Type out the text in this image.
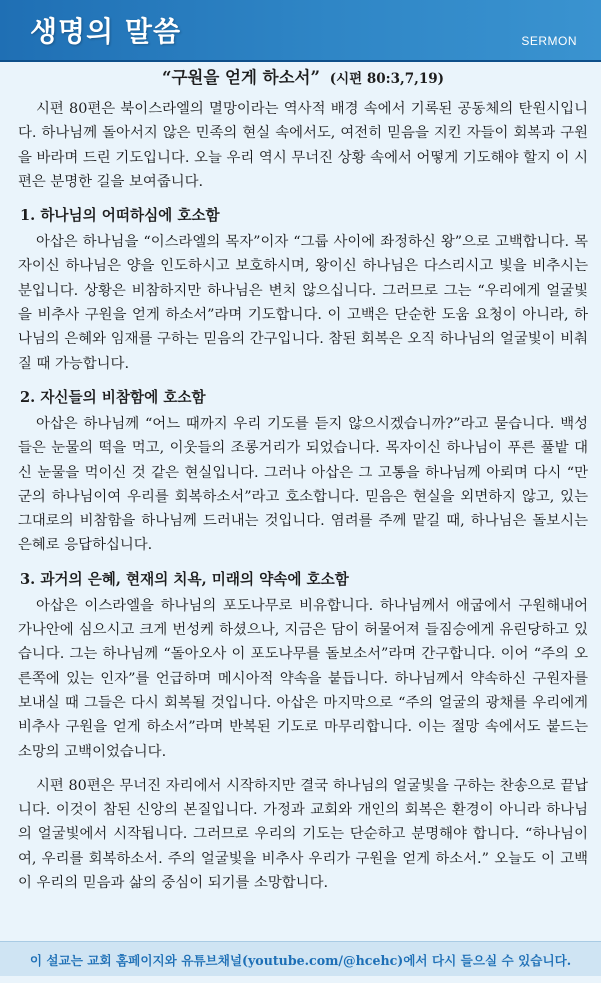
생명의 말씀	SERMON
“구원을 얻게 하소서” (시편 80:3,7,19)

시편 80편은 북이스라엘의 멸망이라는 역사적 배경 속에서 기록된 공동체의 탄원시입니다. 하나님께 돌아서지 않은 민족의 현실 속에서도, 여전히 믿음을 지킨 자들이 회복과 구원을 바라며 드린 기도입니다. 오늘 우리 역시 무너진 상황 속에서 어떻게 기도해야 할지 이 시편은 분명한 길을 보여줍니다.

1. 하나님의 어떠하심에 호소함

아삽은 하나님을 “이스라엘의 목자”이자 “그룹 사이에 좌정하신 왕”으로 고백합니다. 목자이신 하나님은 양을 인도하시고 보호하시며, 왕이신 하나님은 다스리시고 빛을 비추시는 분입니다. 상황은 비참하지만 하나님은 변치 않으십니다. 그러므로 그는 “우리에게 얼굴빛을 비추사 구원을 얻게 하소서”라며 기도합니다. 이 고백은 단순한 도움 요청이 아니라, 하나님의 은혜와 임재를 구하는 믿음의 간구입니다. 참된 회복은 오직 하나님의 얼굴빛이 비춰질 때 가능합니다.

2. 자신들의 비참함에 호소함

아삽은 하나님께 “어느 때까지 우리 기도를 듣지 않으시겠습니까?”라고 묻습니다. 백성들은 눈물의 떡을 먹고, 이웃들의 조롱거리가 되었습니다. 목자이신 하나님이 푸른 풀밭 대신 눈물을 먹이신 것 같은 현실입니다. 그러나 아삽은 그 고통을 하나님께 아뢰며 다시 “만군의 하나님이여 우리를 회복하소서”라고 호소합니다. 믿음은 현실을 외면하지 않고, 있는 그대로의 비참함을 하나님께 드러내는 것입니다. 염려를 주께 맡길 때, 하나님은 돌보시는 은혜로 응답하십니다.

3. 과거의 은혜, 현재의 치욕, 미래의 약속에 호소함

아삽은 이스라엘을 하나님의 포도나무로 비유합니다. 하나님께서 애굽에서 구원해내어 가나안에 심으시고 크게 번성케 하셨으나, 지금은 담이 허물어져 들짐승에게 유린당하고 있습니다. 그는 하나님께 “돌아오사 이 포도나무를 돌보소서”라며 간구합니다. 이어 “주의 오른쪽에 있는 인자”를 언급하며 메시아적 약속을 붙듭니다. 하나님께서 약속하신 구원자를 보내실 때 그들은 다시 회복될 것입니다. 아삽은 마지막으로 “주의 얼굴의 광채를 우리에게 비추사 구원을 얻게 하소서”라며 반복된 기도로 마무리합니다. 이는 절망 속에서도 붙드는 소망의 고백이었습니다.

시편 80편은 무너진 자리에서 시작하지만 결국 하나님의 얼굴빛을 구하는 찬송으로 끝납니다. 이것이 참된 신앙의 본질입니다. 가정과 교회와 개인의 회복은 환경이 아니라 하나님의 얼굴빛에서 시작됩니다. 그러므로 우리의 기도는 단순하고 분명해야 합니다. “하나님이여, 우리를 회복하소서. 주의 얼굴빛을 비추사 우리가 구원을 얻게 하소서.” 오늘도 이 고백이 우리의 믿음과 삶의 중심이 되기를 소망합니다.

이 설교는 교회 홈페이지와 유튜브채널(youtube.com/@hcehc)에서 다시 들으실 수 있습니다.
